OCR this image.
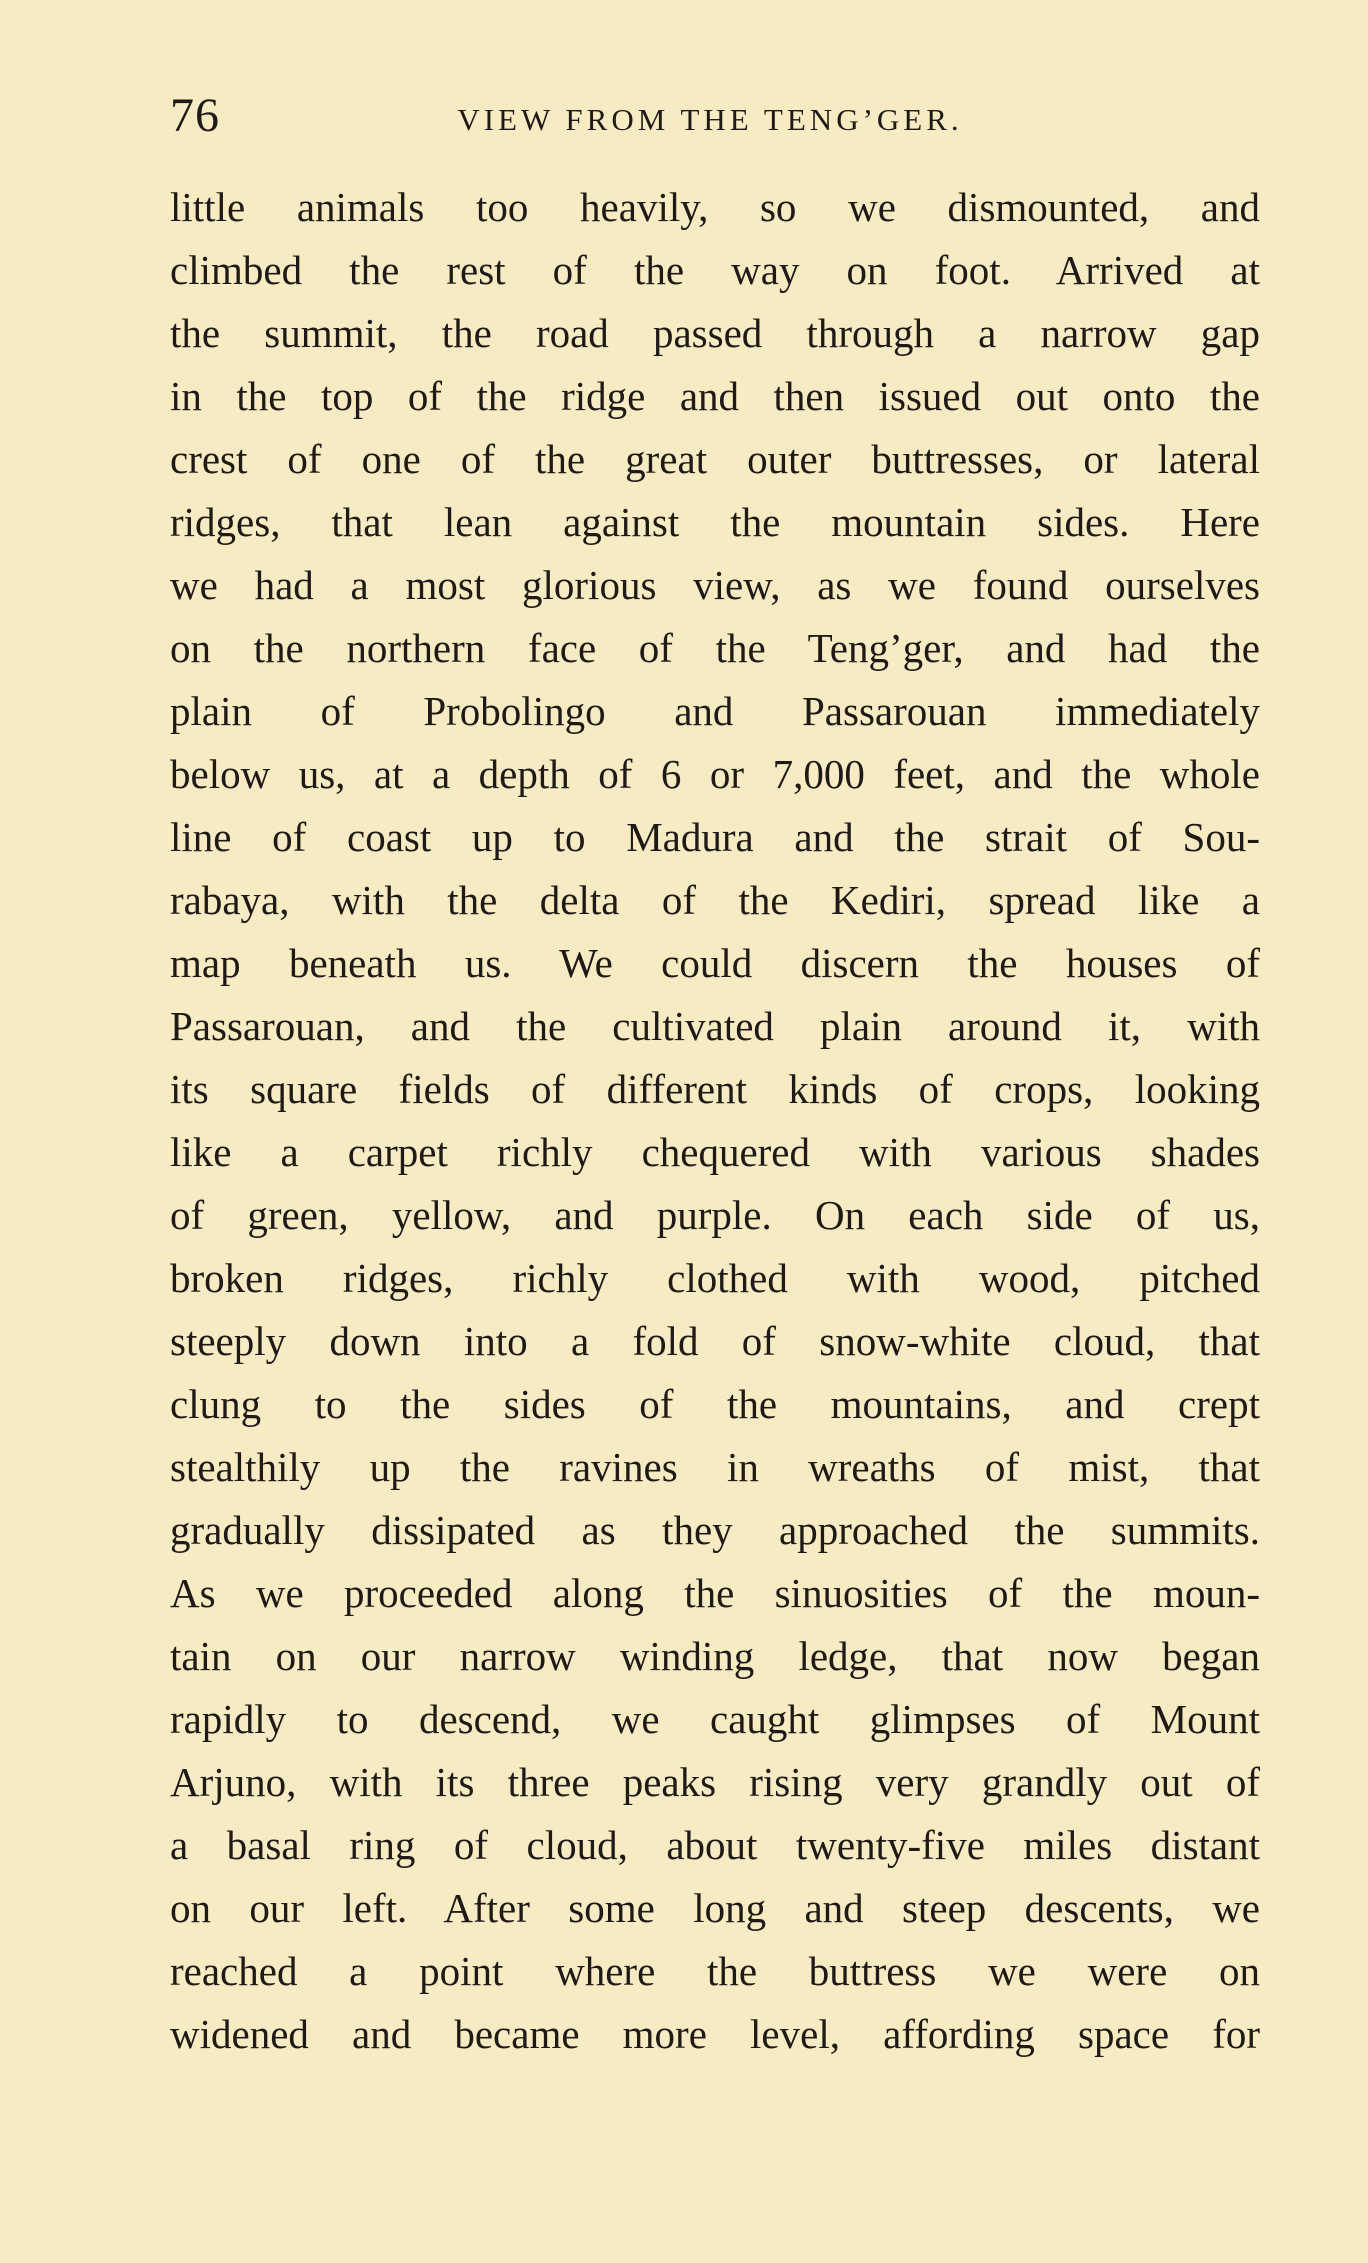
76	VIEW FROM THE TENG’GER.
little animals too heavily, so we dismounted, and
climbed the rest of the way on foot. Arrived at
the summit, the road passed through a narrow gap
in the top of the ridge and then issued out onto the
crest of one of the great outer buttresses, or lateral
ridges, that lean against the mountain sides. Here
we had a most glorious view, as we found ourselves
on the northern face of the Teng’ger, and had the
plain of Probolingo and Passarouan immediately
below us, at a depth of 6 or 7,000 feet, and the whole
line of coast up to Madura and the strait of Sou-
rabaya, with the delta of the Kediri, spread like a
map beneath us. We could discern the houses of
Passarouan, and the cultivated plain around it, with
its square fields of different kinds of crops, looking
like a carpet richly chequered with various shades
of green, yellow, and purple. On each side of us,
broken ridges, richly clothed with wood, pitched
steeply down into a fold of snow-white cloud, that
clung to the sides of the mountains, and crept
stealthily up the ravines in wreaths of mist, that
gradually dissipated as they approached the summits.
As we proceeded along the sinuosities of the moun-
tain on our narrow winding ledge, that now began
rapidly to descend, we caught glimpses of Mount
Arjuno, with its three peaks rising very grandly out of
a basal ring of cloud, about twenty-five miles distant
on our left. After some long and steep descents, we
reached a point where the buttress we were on
widened and became more level, affording space for
